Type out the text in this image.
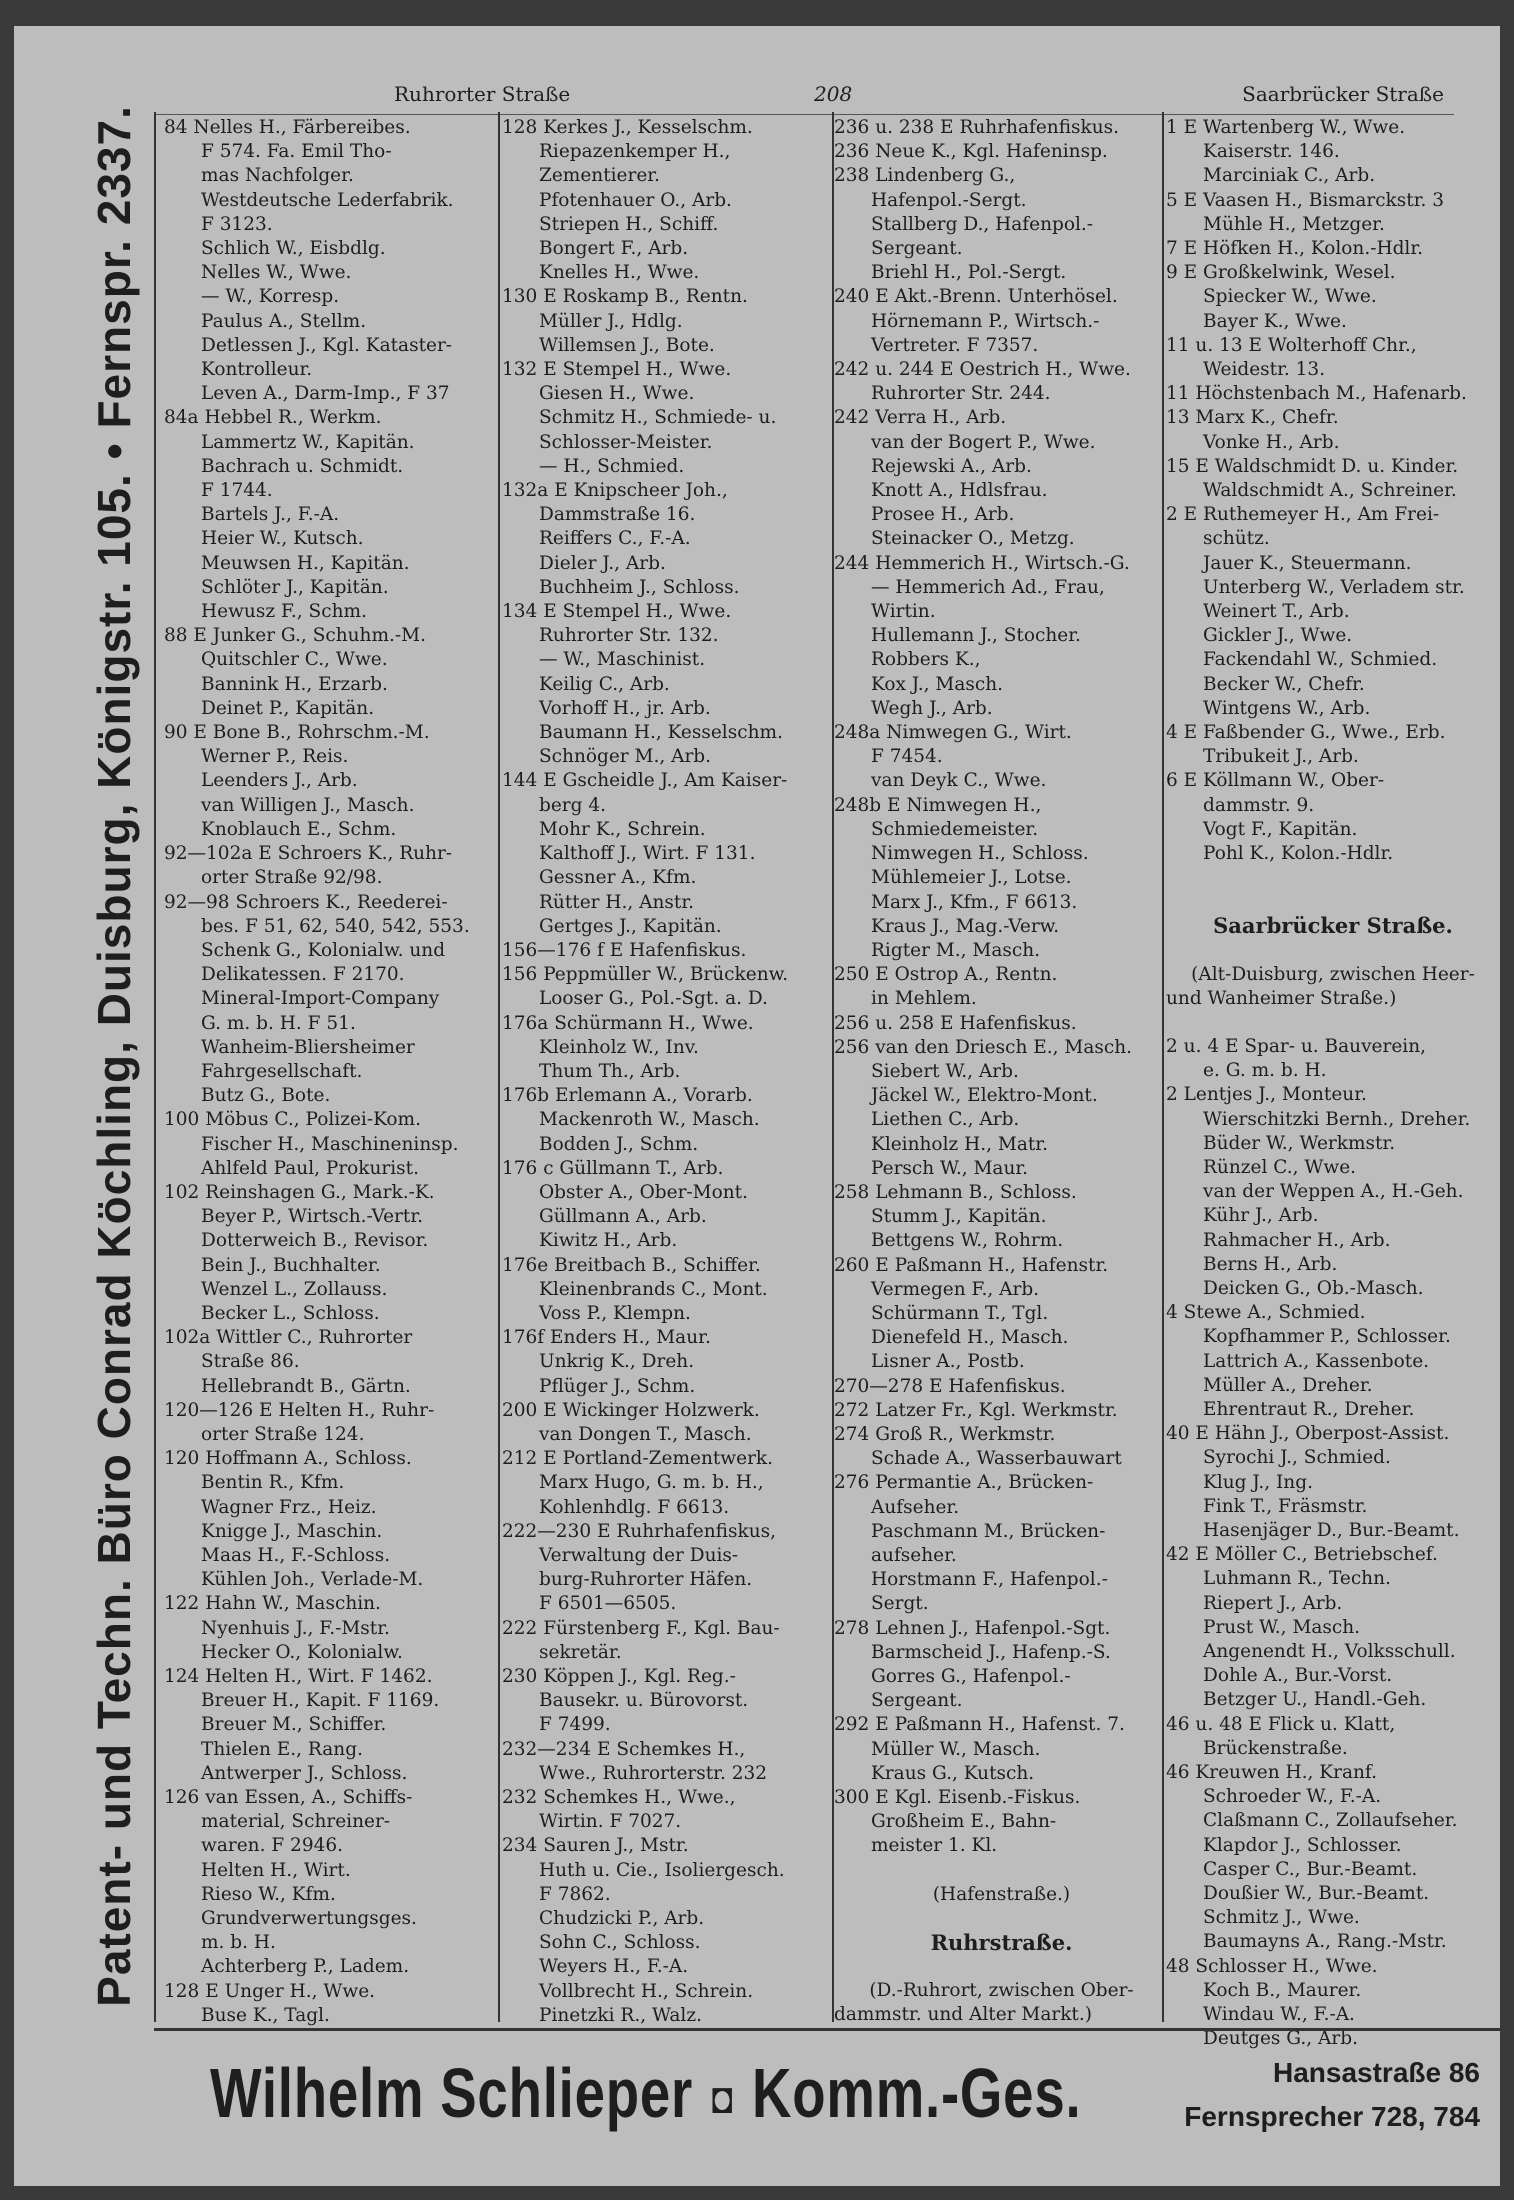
Ruhrorter Straße	208	Saarbrücker Straße
Patent- und Techn. Büro Conrad Köchling, Duisburg, Königstr. 105. • Fernspr. 2337.	84 Nelles H., Färbereibes.
  F 574. Fa. Emil Tho-
  mas Nachfolger.
  Westdeutsche Lederfabrik.
  F 3123.
  Schlich W., Eisbdlg.
  Nelles W., Wwe.
  — W., Korresp.
  Paulus A., Stellm.
  Detlessen J., Kgl. Kataster-
  Kontrolleur.
  Leven A., Darm-Imp., F 37
84a Hebbel R., Werkm.
  Lammertz W., Kapitän.
  Bachrach u. Schmidt.
  F 1744.
  Bartels J., F.-A.
  Heier W., Kutsch.
  Meuwsen H., Kapitän.
  Schlöter J., Kapitän.
  Hewusz F., Schm.
88 E Junker G., Schuhm.-M.
  Quitschler C., Wwe.
  Bannink H., Erzarb.
  Deinet P., Kapitän.
90 E Bone B., Rohrschm.-M.
  Werner P., Reis.
  Leenders J., Arb.
  van Willigen J., Masch.
  Knoblauch E., Schm.
92—102a E Schroers K., Ruhr-
  orter Straße 92/98.
92—98 Schroers K., Reederei-
  bes. F 51, 62, 540, 542, 553.
  Schenk G., Kolonialw. und
  Delikatessen. F 2170.
  Mineral-Import-Company
  G. m. b. H. F 51.
  Wanheim-Bliersheimer
  Fahrgesellschaft.
  Butz G., Bote.
100 Möbus C., Polizei-Kom.
  Fischer H., Maschineninsp.
  Ahlfeld Paul, Prokurist.
102 Reinshagen G., Mark.-K.
  Beyer P., Wirtsch.-Vertr.
  Dotterweich B., Revisor.
  Bein J., Buchhalter.
  Wenzel L., Zollauss.
  Becker L., Schloss.
102a Wittler C., Ruhrorter
  Straße 86.
  Hellebrandt B., Gärtn.
120—126 E Helten H., Ruhr-
  orter Straße 124.
120 Hoffmann A., Schloss.
  Bentin R., Kfm.
  Wagner Frz., Heiz.
  Knigge J., Maschin.
  Maas H., F.-Schloss.
  Kühlen Joh., Verlade-M.
122 Hahn W., Maschin.
  Nyenhuis J., F.-Mstr.
  Hecker O., Kolonialw.
124 Helten H., Wirt. F 1462.
  Breuer H., Kapit. F 1169.
  Breuer M., Schiffer.
  Thielen E., Rang.
  Antwerper J., Schloss.
126 van Essen, A., Schiffs-
  material, Schreiner-
  waren. F 2946.
  Helten H., Wirt.
  Rieso W., Kfm.
  Grundverwertungsges.
  m. b. H.
  Achterberg P., Ladem.
128 E Unger H., Wwe.
  Buse K., Tagl.
128 Kerkes J., Kesselschm.
  Riepazenkemper H.,
  Zementierer.
  Pfotenhauer O., Arb.
  Striepen H., Schiff.
  Bongert F., Arb.
  Knelles H., Wwe.
130 E Roskamp B., Rentn.
  Müller J., Hdlg.
  Willemsen J., Bote.
132 E Stempel H., Wwe.
  Giesen H., Wwe.
  Schmitz H., Schmiede- u.
  Schlosser-Meister.
  — H., Schmied.
132a E Knipscheer Joh.,
  Dammstraße 16.
  Reiffers C., F.-A.
  Dieler J., Arb.
  Buchheim J., Schloss.
134 E Stempel H., Wwe.
  Ruhrorter Str. 132.
  — W., Maschinist.
  Keilig C., Arb.
  Vorhoff H., jr. Arb.
  Baumann H., Kesselschm.
  Schnöger M., Arb.
144 E Gscheidle J., Am Kaiser-
  berg 4.
  Mohr K., Schrein.
  Kalthoff J., Wirt. F 131.
  Gessner A., Kfm.
  Rütter H., Anstr.
  Gertges J., Kapitän.
156—176 f E Hafenfiskus.
156 Peppmüller W., Brückenw.
  Looser G., Pol.-Sgt. a. D.
176a Schürmann H., Wwe.
  Kleinholz W., Inv.
  Thum Th., Arb.
176b Erlemann A., Vorarb.
  Mackenroth W., Masch.
  Bodden J., Schm.
176 c Güllmann T., Arb.
  Obster A., Ober-Mont.
  Güllmann A., Arb.
  Kiwitz H., Arb.
176e Breitbach B., Schiffer.
  Kleinenbrands C., Mont.
  Voss P., Klempn.
176f Enders H., Maur.
  Unkrig K., Dreh.
  Pflüger J., Schm.
200 E Wickinger Holzwerk.
  van Dongen T., Masch.
212 E Portland-Zementwerk.
  Marx Hugo, G. m. b. H.,
  Kohlenhdlg. F 6613.
222—230 E Ruhrhafenfiskus,
  Verwaltung der Duis-
  burg-Ruhrorter Häfen.
  F 6501—6505.
222 Fürstenberg F., Kgl. Bau-
  sekretär.
230 Köppen J., Kgl. Reg.-
  Bausekr. u. Bürovorst.
  F 7499.
232—234 E Schemkes H.,
  Wwe., Ruhrorterstr. 232
232 Schemkes H., Wwe.,
  Wirtin. F 7027.
234 Sauren J., Mstr.
  Huth u. Cie., Isoliergesch.
  F 7862.
  Chudzicki P., Arb.
  Sohn C., Schloss.
  Weyers H., F.-A.
  Vollbrecht H., Schrein.
  Pinetzki R., Walz.
236 u. 238 E Ruhrhafenfiskus.
236 Neue K., Kgl. Hafeninsp.
238 Lindenberg G.,
  Hafenpol.-Sergt.
  Stallberg D., Hafenpol.-
  Sergeant.
  Briehl H., Pol.-Sergt.
240 E Akt.-Brenn. Unterhösel.
  Hörnemann P., Wirtsch.-
  Vertreter. F 7357.
242 u. 244 E Oestrich H., Wwe.
  Ruhrorter Str. 244.
242 Verra H., Arb.
  van der Bogert P., Wwe.
  Rejewski A., Arb.
  Knott A., Hdlsfrau.
  Prosee H., Arb.
  Steinacker O., Metzg.
244 Hemmerich H., Wirtsch.-G.
  — Hemmerich Ad., Frau,
  Wirtin.
  Hullemann J., Stocher.
  Robbers K.,
  Kox J., Masch.
  Wegh J., Arb.
248a Nimwegen G., Wirt.
  F 7454.
  van Deyk C., Wwe.
248b E Nimwegen H.,
  Schmiedemeister.
  Nimwegen H., Schloss.
  Mühlemeier J., Lotse.
  Marx J., Kfm., F 6613.
  Kraus J., Mag.-Verw.
  Rigter M., Masch.
250 E Ostrop A., Rentn.
  in Mehlem.
256 u. 258 E Hafenfiskus.
256 van den Driesch E., Masch.
  Siebert W., Arb.
  Jäckel W., Elektro-Mont.
  Liethen C., Arb.
  Kleinholz H., Matr.
  Persch W., Maur.
258 Lehmann B., Schloss.
  Stumm J., Kapitän.
  Bettgens W., Rohrm.
260 E Paßmann H., Hafenstr.
  Vermegen F., Arb.
  Schürmann T., Tgl.
  Dienefeld H., Masch.
  Lisner A., Postb.
270—278 E Hafenfiskus.
272 Latzer Fr., Kgl. Werkmstr.
274 Groß R., Werkmstr.
  Schade A., Wasserbauwart
276 Permantie A., Brücken-
  Aufseher.
  Paschmann M., Brücken-
  aufseher.
  Horstmann F., Hafenpol.-
  Sergt.
278 Lehnen J., Hafenpol.-Sgt.
  Barmscheid J., Hafenp.-S.
  Gorres G., Hafenpol.-
  Sergeant.
292 E Paßmann H., Hafenst. 7.
  Müller W., Masch.
  Kraus G., Kutsch.
300 E Kgl. Eisenb.-Fiskus.
  Großheim E., Bahn-
  meister 1. Kl.
(Hafenstraße.)
Ruhrstraße.
(D.-Ruhrort, zwischen Ober-
dammstr. und Alter Markt.)
1 E Wartenberg W., Wwe.
  Kaiserstr. 146.
  Marciniak C., Arb.
5 E Vaasen H., Bismarckstr. 3
  Mühle H., Metzger.
7 E Höfken H., Kolon.-Hdlr.
9 E Großkelwink, Wesel.
  Spiecker W., Wwe.
  Bayer K., Wwe.
11 u. 13 E Wolterhoff Chr.,
  Weidestr. 13.
11 Höchstenbach M., Hafenarb.
13 Marx K., Chefr.
  Vonke H., Arb.
15 E Waldschmidt D. u. Kinder.
  Waldschmidt A., Schreiner.
2 E Ruthemeyer H., Am Frei-
  schütz.
  Jauer K., Steuermann.
  Unterberg W., Verladem str.
  Weinert T., Arb.
  Gickler J., Wwe.
  Fackendahl W., Schmied.
  Becker W., Chefr.
  Wintgens W., Arb.
4 E Faßbender G., Wwe., Erb.
  Tribukeit J., Arb.
6 E Köllmann W., Ober-
  dammstr. 9.
  Vogt F., Kapitän.
  Pohl K., Kolon.-Hdlr.
Saarbrücker Straße.
(Alt-Duisburg, zwischen Heer-
und Wanheimer Straße.)
2 u. 4 E Spar- u. Bauverein,
  e. G. m. b. H.
2 Lentjes J., Monteur.
  Wierschitzki Bernh., Dreher.
  Büder W., Werkmstr.
  Rünzel C., Wwe.
  van der Weppen A., H.-Geh.
  Kühr J., Arb.
  Rahmacher H., Arb.
  Berns H., Arb.
  Deicken G., Ob.-Masch.
4 Stewe A., Schmied.
  Kopfhammer P., Schlosser.
  Lattrich A., Kassenbote.
  Müller A., Dreher.
  Ehrentraut R., Dreher.
40 E Hähn J., Oberpost-Assist.
  Syrochi J., Schmied.
  Klug J., Ing.
  Fink T., Fräsmstr.
  Hasenjäger D., Bur.-Beamt.
42 E Möller C., Betriebschef.
  Luhmann R., Techn.
  Riepert J., Arb.
  Prust W., Masch.
  Angenendt H., Volksschull.
  Dohle A., Bur.-Vorst.
  Betzger U., Handl.-Geh.
46 u. 48 E Flick u. Klatt,
  Brückenstraße.
46 Kreuwen H., Kranf.
  Schroeder W., F.-A.
  Claßmann C., Zollaufseher.
  Klapdor J., Schlosser.
  Casper C., Bur.-Beamt.
  Doußier W., Bur.-Beamt.
  Schmitz J., Wwe.
  Baumayns A., Rang.-Mstr.
48 Schlosser H., Wwe.
  Koch B., Maurer.
  Windau W., F.-A.
  Deutges G., Arb.
Wilhelm Schlieper ◘ Komm.-Ges.	Hansastraße 86
Fernsprecher 728, 784
